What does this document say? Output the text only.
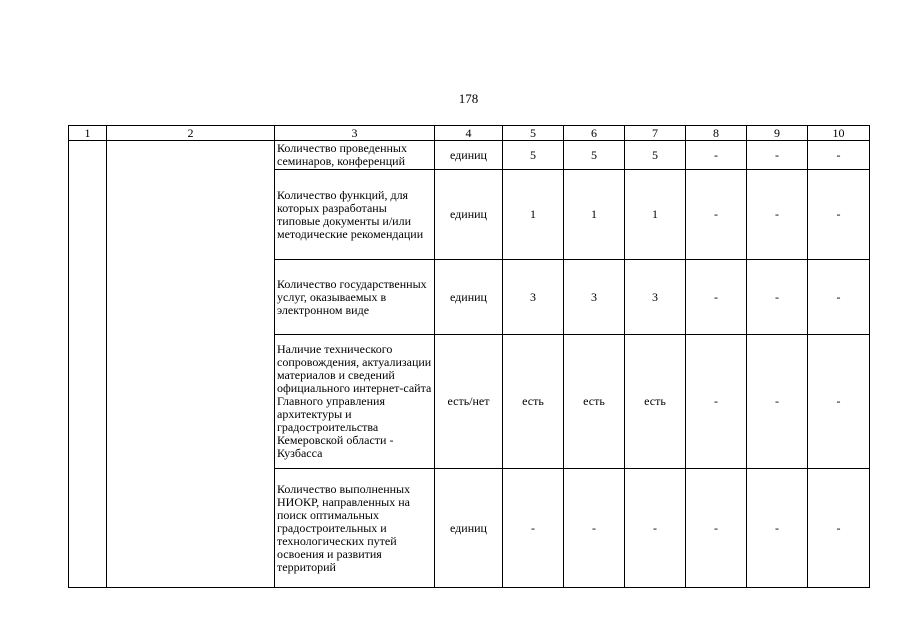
178
1	2	3	4	5	6	7	8	9	10
		Количество проведенных семинаров, конференций	единиц	5	5	5	-	-	-
		Количество функций, для которых разработаны типовые документы и/или методические рекомендации	единиц	1	1	1	-	-	-
		Количество государственных услуг, оказываемых в электронном виде	единиц	3	3	3	-	-	-
		Наличие технического сопровождения, актуализации материалов и сведений официального интернет-сайта Главного управления архитектуры и градостроительства Кемеровской области - Кузбасса	есть/нет	есть	есть	есть	-	-	-
		Количество выполненных НИОКР, направленных на поиск оптимальных градостроительных и технологических путей освоения и развития территорий	единиц	-	-	-	-	-	-
